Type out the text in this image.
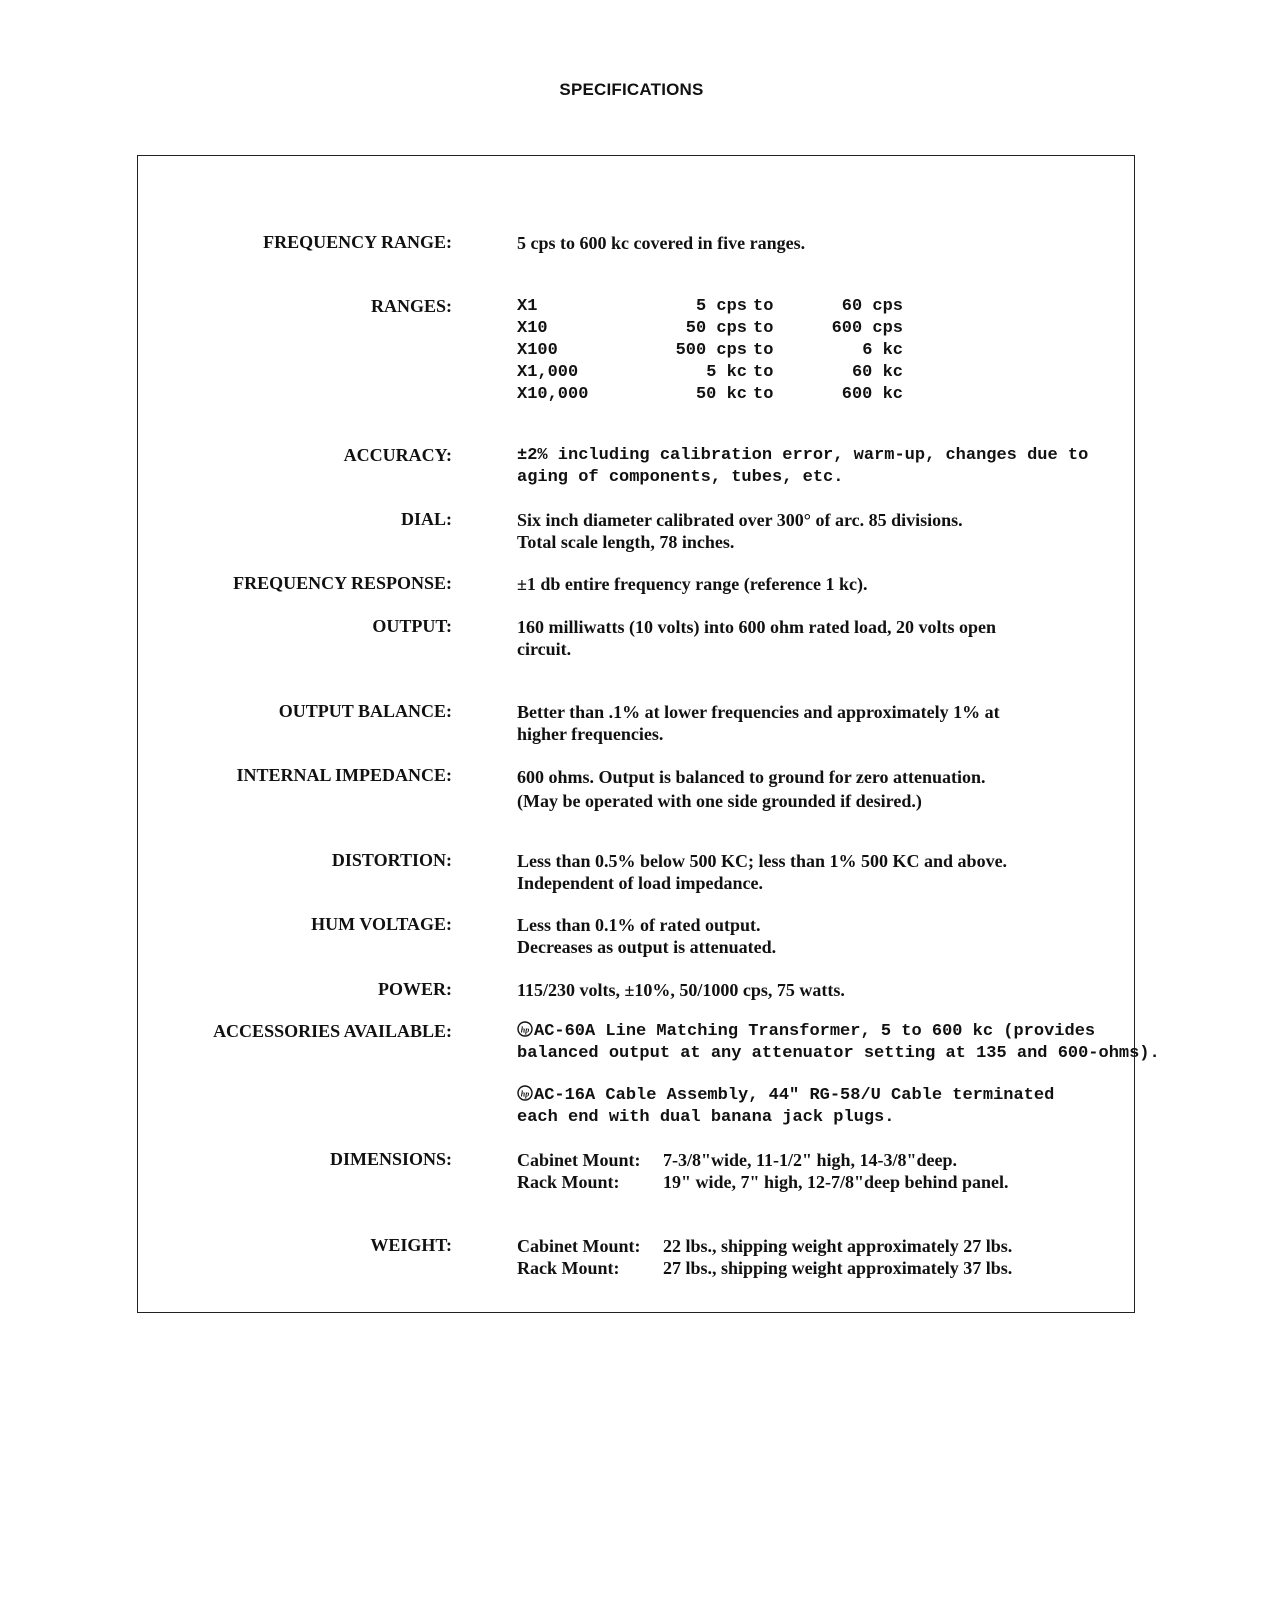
SPECIFICATIONS
FREQUENCY RANGE:	5 cps to 600 kc covered in five ranges.
RANGES:	X1	5 cps	to	60 cps
X10	50 cps	to	600 cps
X100	500 cps	to	6 kc
X1,000	5 kc	to	60 kc
X10,000	50 kc	to	600 kc
ACCURACY:	±2% including calibration error, warm-up, changes due to
aging of components, tubes, etc.
DIAL:	Six inch diameter calibrated over 300° of arc. 85 divisions.
Total scale length, 78 inches.
FREQUENCY RESPONSE:	±1 db entire frequency range (reference 1 kc).
OUTPUT:	160 milliwatts (10 volts) into 600 ohm rated load, 20 volts open
circuit.
OUTPUT BALANCE:	Better than .1% at lower frequencies and approximately 1% at
higher frequencies.
INTERNAL IMPEDANCE:	600 ohms. Output is balanced to ground for zero attenuation.
(May be operated with one side grounded if desired.)
DISTORTION:	Less than 0.5% below 500 KC; less than 1% 500 KC and above.
Independent of load impedance.
HUM VOLTAGE:	Less than 0.1% of rated output.
Decreases as output is attenuated.
POWER:	115/230 volts, ±10%, 50/1000 cps, 75 watts.
ACCESSORIES AVAILABLE:	hp AC-60A Line Matching Transformer, 5 to 600 kc (provides
balanced output at any attenuator setting at 135 and 600-ohms).
hp AC-16A Cable Assembly, 44" RG-58/U Cable terminated
each end with dual banana jack plugs.
DIMENSIONS:	Cabinet Mount: 7-3/8"wide, 11-1/2" high, 14-3/8"deep.
Rack Mount: 19" wide, 7" high, 12-7/8"deep behind panel.
WEIGHT:	Cabinet Mount: 22 lbs., shipping weight approximately 27 lbs.
Rack Mount: 27 lbs., shipping weight approximately 37 lbs.
